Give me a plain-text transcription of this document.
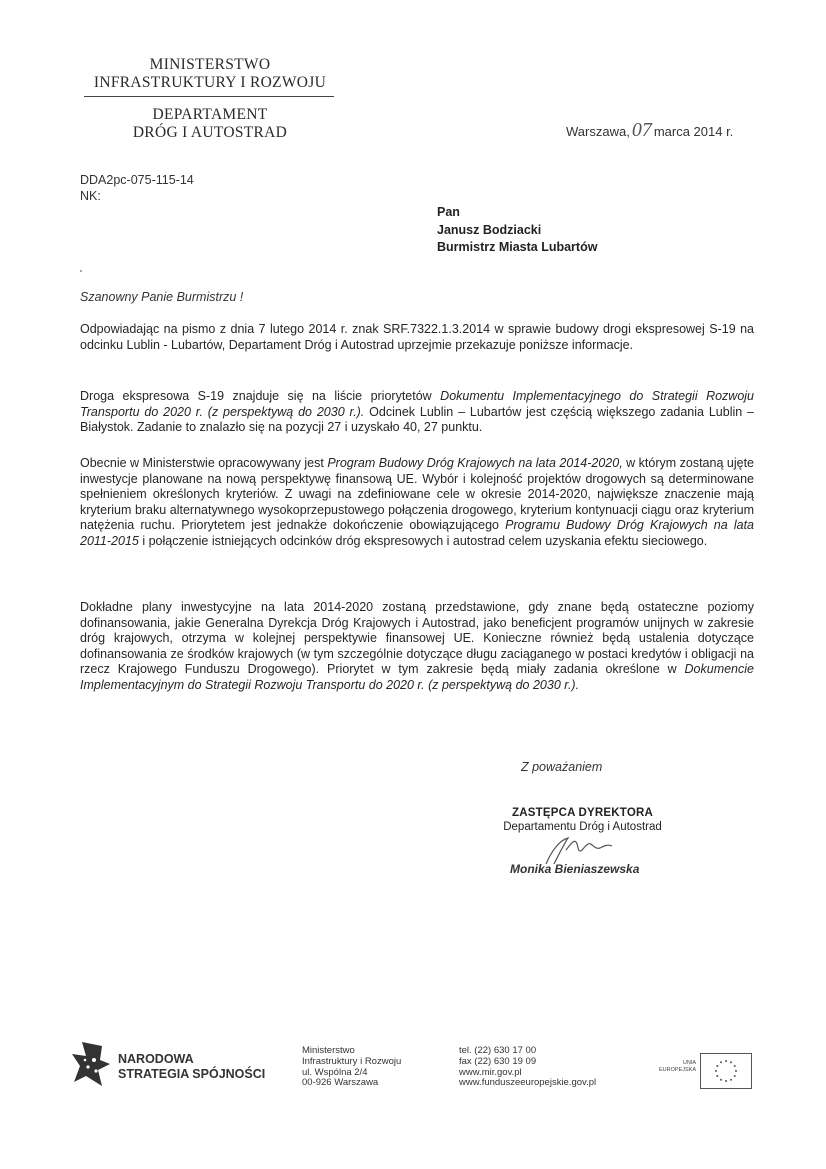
MINISTERSTWO
INFRASTRUKTURY I ROZWOJU
DEPARTAMENT
DRÓG I AUTOSTRAD	Warszawa, 07 marca 2014 r.
DDA2pc-075-115-14
NK:
Pan
Janusz Bodziacki
Burmistrz Miasta Lubartów
Szanowny Panie Burmistrzu !
Odpowiadając na pismo z dnia 7 lutego 2014 r. znak SRF.7322.1.3.2014 w sprawie budowy drogi ekspresowej S-19 na odcinku Lublin - Lubartów, Departament Dróg i Autostrad uprzejmie przekazuje poniższe informacje.
Droga ekspresowa S-19 znajduje się na liście priorytetów Dokumentu Implementacyjnego do Strategii Rozwoju Transportu do 2020 r. (z perspektywą do 2030 r.). Odcinek Lublin – Lubartów jest częścią większego zadania Lublin – Białystok. Zadanie to znalazło się na pozycji 27 i uzyskało 40, 27 punktu.
Obecnie w Ministerstwie opracowywany jest Program Budowy Dróg Krajowych na lata 2014-2020, w którym zostaną ujęte inwestycje planowane na nową perspektywę finansową UE. Wybór i kolejność projektów drogowych są determinowane spełnieniem określonych kryteriów. Z uwagi na zdefiniowane cele w okresie 2014-2020, największe znaczenie mają kryterium braku alternatywnego wysokoprzepustowego połączenia drogowego, kryterium kontynuacji ciągu oraz kryterium natężenia ruchu. Priorytetem jest jednakże dokończenie obowiązującego Programu Budowy Dróg Krajowych na lata 2011-2015 i połączenie istniejących odcinków dróg ekspresowych i autostrad celem uzyskania efektu sieciowego.
Dokładne plany inwestycyjne na lata 2014-2020 zostaną przedstawione, gdy znane będą ostateczne poziomy dofinansowania, jakie Generalna Dyrekcja Dróg Krajowych i Autostrad, jako beneficjent programów unijnych w zakresie dróg krajowych, otrzyma w kolejnej perspektywie finansowej UE. Konieczne również będą ustalenia dotyczące dofinansowania ze środków krajowych (w tym szczególnie dotyczące długu zaciąganego w postaci kredytów i obligacji na rzecz Krajowego Funduszu Drogowego). Priorytet w tym zakresie będą miały zadania określone w Dokumencie Implementacyjnym do Strategii Rozwoju Transportu do 2020 r. (z perspektywą do 2030 r.).
Z poważaniem
ZASTĘPCA DYREKTORA
Departamentu Dróg i Autostrad
Monika Bieniaszewska
NARODOWA
STRATEGIA SPÓJNOŚCI
Ministerstwo
Infrastruktury i Rozwoju
ul. Wspólna 2/4
00-926 Warszawa
tel. (22) 630 17 00
fax (22) 630 19 09
www.mir.gov.pl
www.funduszeeuropejskie.gov.pl
UNIA
EUROPEJSKA
